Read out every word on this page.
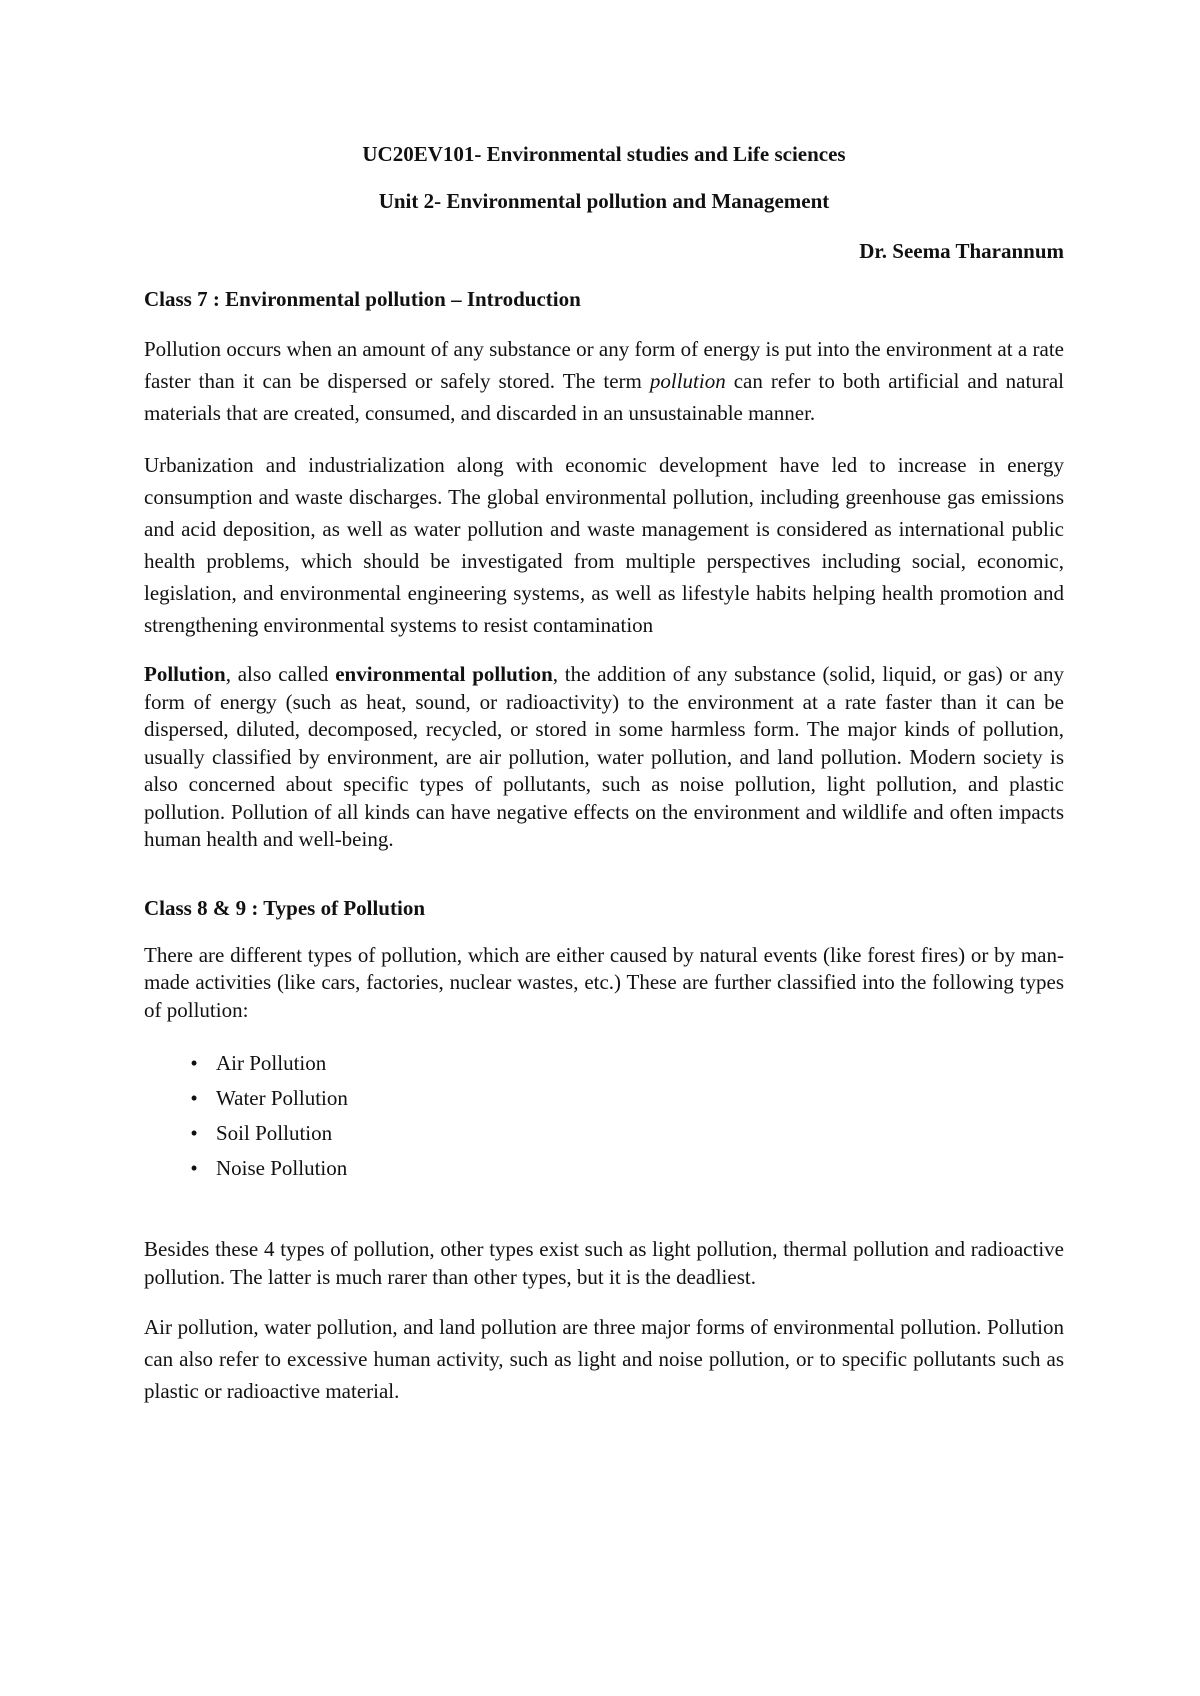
UC20EV101- Environmental studies and Life sciences

Unit 2- Environmental pollution and Management

Dr. Seema Tharannum

Class 7 : Environmental pollution – Introduction

Pollution occurs when an amount of any substance or any form of energy is put into the environment at a rate faster than it can be dispersed or safely stored. The term pollution can refer to both artificial and natural materials that are created, consumed, and discarded in an unsustainable manner.

Urbanization and industrialization along with economic development have led to increase in energy consumption and waste discharges. The global environmental pollution, including greenhouse gas emissions and acid deposition, as well as water pollution and waste management is considered as international public health problems, which should be investigated from multiple perspectives including social, economic, legislation, and environmental engineering systems, as well as lifestyle habits helping health promotion and strengthening environmental systems to resist contamination

Pollution, also called environmental pollution, the addition of any substance (solid, liquid, or gas) or any form of energy (such as heat, sound, or radioactivity) to the environment at a rate faster than it can be dispersed, diluted, decomposed, recycled, or stored in some harmless form. The major kinds of pollution, usually classified by environment, are air pollution, water pollution, and land pollution. Modern society is also concerned about specific types of pollutants, such as noise pollution, light pollution, and plastic pollution. Pollution of all kinds can have negative effects on the environment and wildlife and often impacts human health and well-being.

Class 8 & 9 : Types of Pollution

There are different types of pollution, which are either caused by natural events (like forest fires) or by man-made activities (like cars, factories, nuclear wastes, etc.) These are further classified into the following types of pollution:

• Air Pollution
• Water Pollution
• Soil Pollution
• Noise Pollution

Besides these 4 types of pollution, other types exist such as light pollution, thermal pollution and radioactive pollution. The latter is much rarer than other types, but it is the deadliest.

Air pollution, water pollution, and land pollution are three major forms of environmental pollution. Pollution can also refer to excessive human activity, such as light and noise pollution, or to specific pollutants such as plastic or radioactive material.
